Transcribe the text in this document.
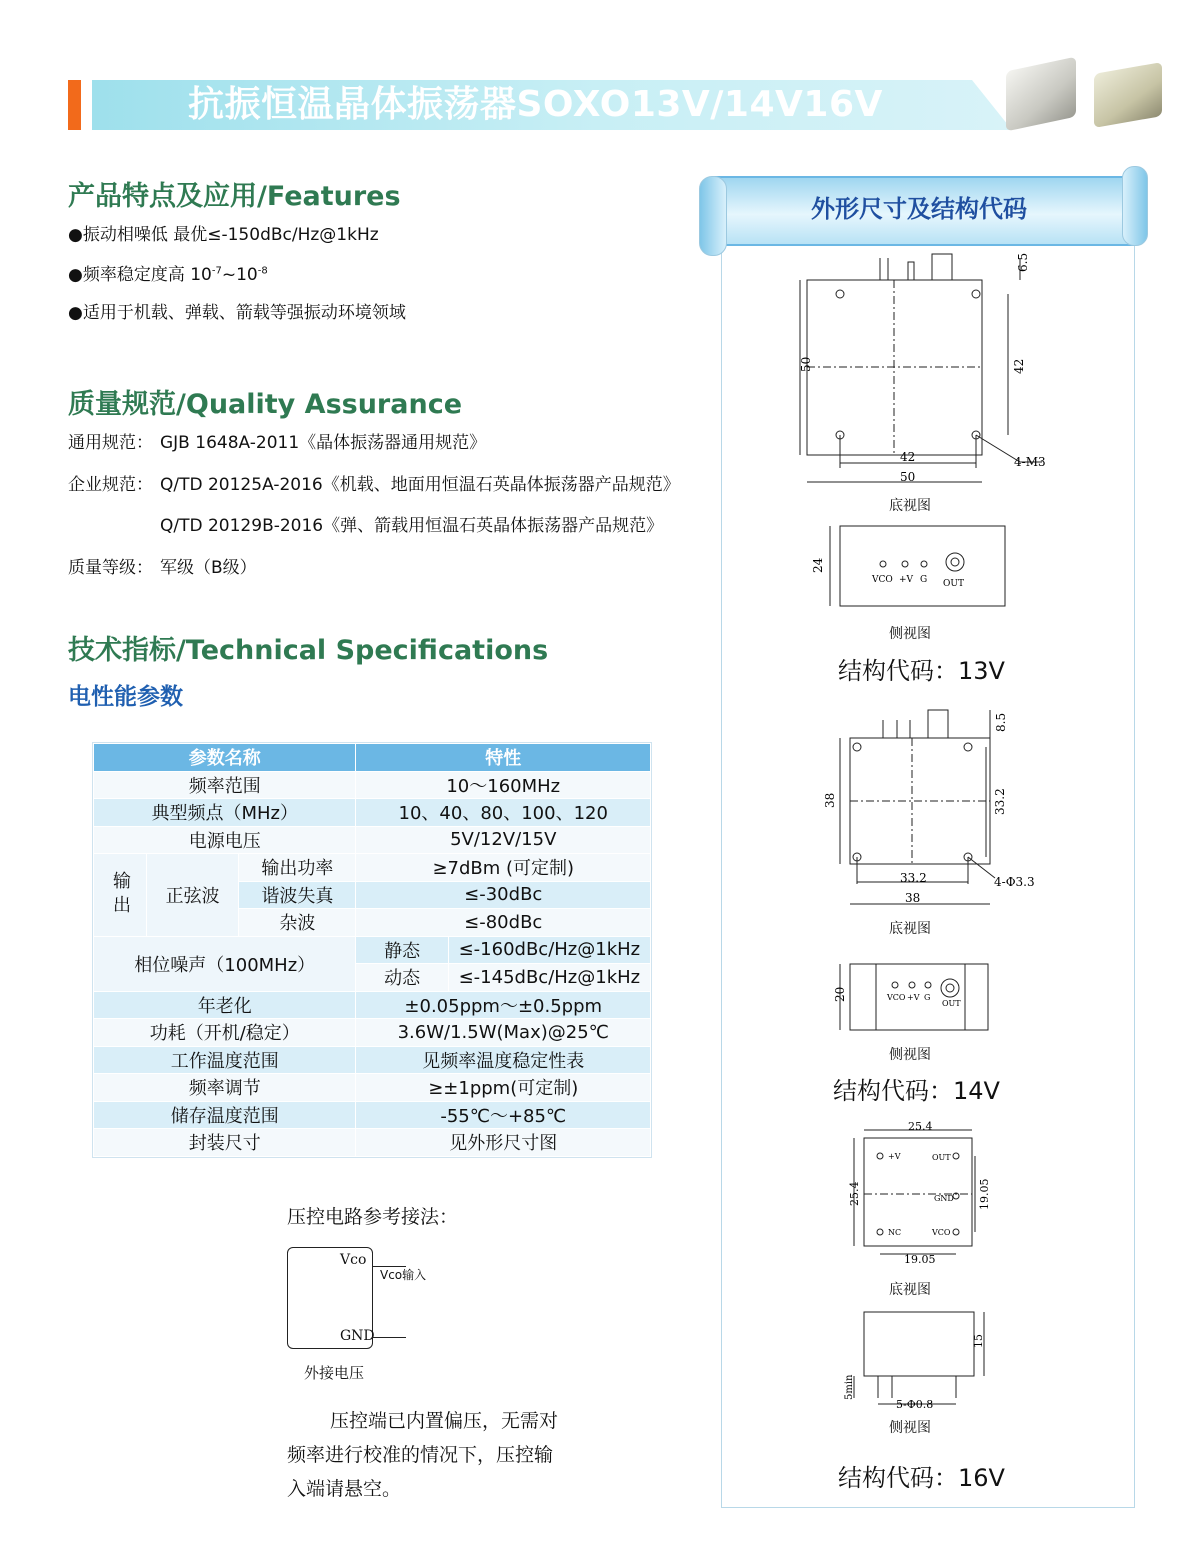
抗振恒温晶体振荡器SOXO13V/14V16V
产品特点及应用/Features
●振动相噪低 最优≤-150dBc/Hz@1kHz
●频率稳定度高 $10^{-7}\sim 10^{-8}$
●适用于机载、弹载、箭载等强振动环境领域
质量规范/Quality Assurance
通用规范： GJB 1648A-2011《晶体振荡器通用规范》
企业规范： Q/TD 20125A-2016《机载、地面用恒温石英晶体振荡器产品规范》
Q/TD 20129B-2016《弹、箭载用恒温石英晶体振荡器产品规范》
质量等级： 军级（B级）
技术指标/Technical Specifications
电性能参数
参数名称			特性	
频率范围			10～160MHz	
典型频点（MHz）			10、40、80、100、120	
电源电压			5V/12V/15V	
输出	正弦波	输出功率	≥7dBm (可定制)	
		谐波失真	≤-30dBc	
		杂波	≤-80dBc	
相位噪声（100MHz）			静态	≤-160dBc/Hz@1kHz
			动态	≤-145dBc/Hz@1kHz
年老化			±0.05ppm～±0.5ppm	
功耗（开机/稳定）			3.6W/1.5W(Max)@25℃	
工作温度范围			见频率温度稳定性表	
频率调节			≥±1ppm(可定制)	
储存温度范围			-55℃～+85℃	
封装尺寸			见外形尺寸图	
压控电路参考接法：
Vco
GND
Vco输入
外接电压
压控端已内置偏压，无需对
频率进行校准的情况下，压控输
入端请悬空。
外形尺寸及结构代码
6.5
50	42
42
50
4-M3
底视图
24
VCO +V G OUT
侧视图
结构代码：13V
8.5
38	33.2
33.2
38
4-Φ3.3
底视图
20	VCO +V G
OUT
侧视图
结构代码：14V
25.4
25.4	19.05
19.05
+V	OUT
GND
NC	VCO
底视图
15
5min
5-Φ0.8
侧视图
结构代码：16V
